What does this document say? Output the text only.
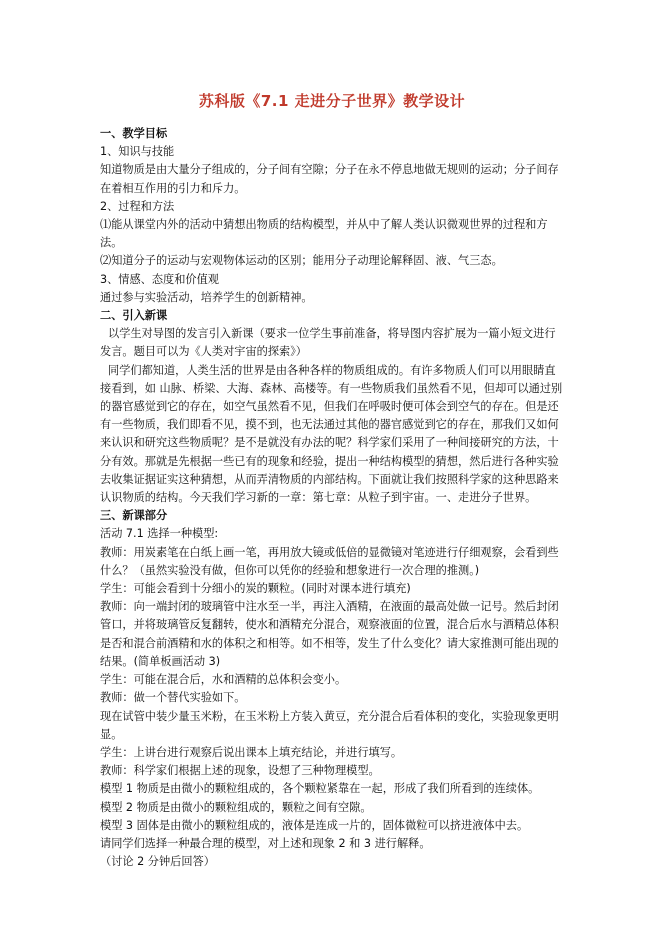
苏科版《7.1 走进分子世界》教学设计
一、教学目标
1、知识与技能
知道物质是由大量分子组成的，分子间有空隙；分子在永不停息地做无规则的运动；分子间存在着相互作用的引力和斥力。
2、过程和方法
⑴能从课堂内外的活动中猜想出物质的结构模型，并从中了解人类认识微观世界的过程和方法。
⑵知道分子的运动与宏观物体运动的区别；能用分子动理论解释固、液、气三态。
3、情感、态度和价值观
通过参与实验活动，培养学生的创新精神。
二、引入新课
以学生对导图的发言引入新课（要求一位学生事前准备，将导图内容扩展为一篇小短文进行发言。题目可以为《人类对宇宙的探索》）
同学们都知道，人类生活的世界是由各种各样的物质组成的。有许多物质人们可以用眼睛直接看到，如 山脉、桥梁、大海、森林、高楼等。有一些物质我们虽然看不见，但却可以通过别的器官感觉到它的存在，如空气虽然看不见，但我们在呼吸时便可体会到空气的存在。但是还有一些物质，我们即看不见，摸不到，也无法通过其他的器官感觉到它的存在，那我们又如何来认识和研究这些物质呢？是不是就没有办法的呢？科学家们采用了一种间接研究的方法，十分有效。那就是先根据一些已有的现象和经验，提出一种结构模型的猜想，然后进行各种实验去收集证据证实这种猜想，从而弄清物质的内部结构。下面就让我们按照科学家的这种思路来认识物质的结构。今天我们学习新的一章：第七章：从粒子到宇宙。一、走进分子世界。
三、新课部分
活动 7.1 选择一种模型:
教师：用炭素笔在白纸上画一笔，再用放大镜或低倍的显微镜对笔迹进行仔细观察，会看到些什么？（虽然实验没有做，但你可以凭你的经验和想象进行一次合理的推测。)
学生：可能会看到十分细小的炭的颗粒。(同时对课本进行填充)
教师：向一端封闭的玻璃管中注水至一半，再注入酒精，在液面的最高处做一记号。然后封闭管口，并将玻璃管反复翻转，使水和酒精充分混合，观察液面的位置，混合后水与酒精总体积是否和混合前酒精和水的体积之和相等。如不相等，发生了什么变化？请大家推测可能出现的结果。(简单板画活动 3)
学生：可能在混合后，水和酒精的总体积会变小。
教师：做一个替代实验如下。
现在试管中装少量玉米粉，在玉米粉上方装入黄豆，充分混合后看体积的变化，实验现象更明显。
学生：上讲台进行观察后说出课本上填充结论，并进行填写。
教师：科学家们根据上述的现象，设想了三种物理模型。
模型 1 物质是由微小的颗粒组成的，各个颗粒紧靠在一起，形成了我们所看到的连续体。
模型 2 物质是由微小的颗粒组成的，颗粒之间有空隙。
模型 3 固体是由微小的颗粒组成的，液体是连成一片的，固体微粒可以挤进液体中去。
请同学们选择一种最合理的模型，对上述和现象 2 和 3 进行解释。
（讨论 2 分钟后回答）
